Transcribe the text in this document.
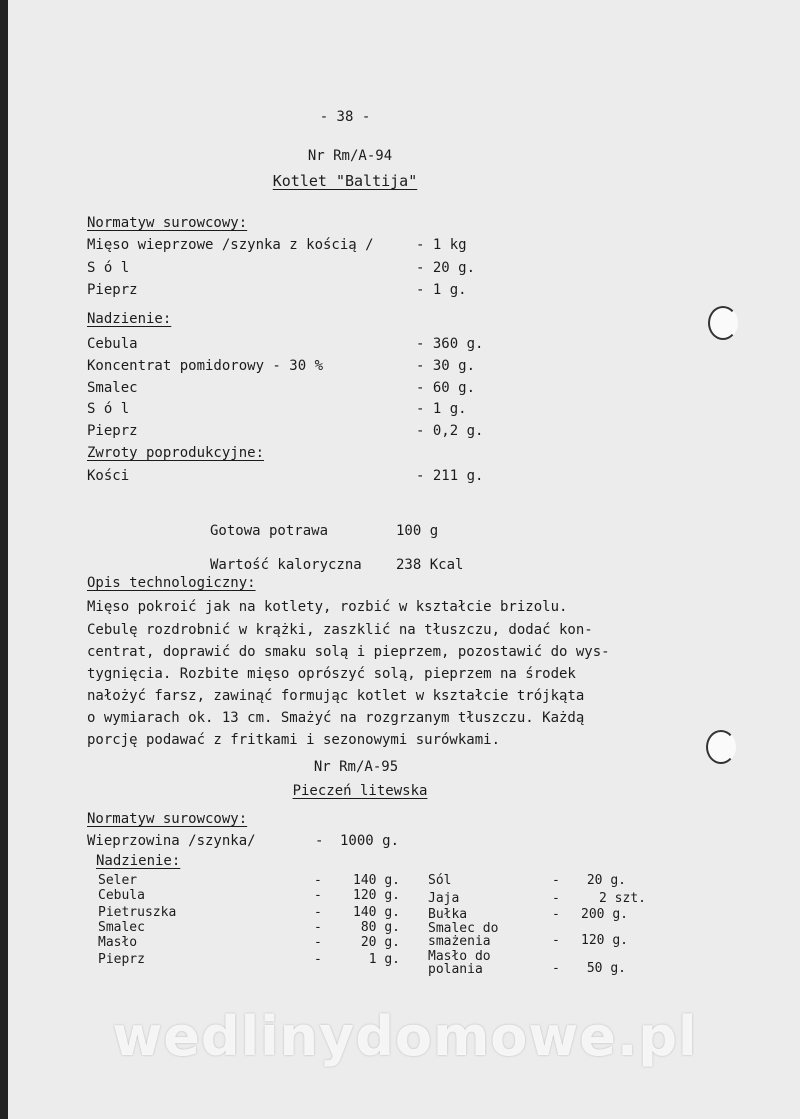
- 38 -
Nr Rm/A-94
Kotlet "Baltija"
Normatyw surowcowy:
Mięso wieprzowe /szynka z kością /	- 1 kg
S ó l	- 20 g.
Pieprz	- 1 g.
Nadzienie:
Cebula	- 360 g.
Koncentrat pomidorowy - 30 %	- 30 g.
Smalec	- 60 g.
S ó l	- 1 g.
Pieprz	- 0,2 g.
Zwroty poprodukcyjne:
Kości	- 211 g.
Gotowa potrawa	100 g
Wartość kaloryczna 238 Kcal
Opis technologiczny:
Mięso pokroić jak na kotlety, rozbić w kształcie brizolu.
Cebulę rozdrobnić w krążki, zaszklić na tłuszczu, dodać kon-
centrat, doprawić do smaku solą i pieprzem, pozostawić do wys-
tygnięcia. Rozbite mięso oprószyć solą, pieprzem na środek
nałożyć farsz, zawinąć formując kotlet w kształcie trójkąta
o wymiarach ok. 13 cm. Smażyć na rozgrzanym tłuszczu. Każdą
porcję podawać z fritkami i sezonowymi surówkami.
Nr Rm/A-95
Pieczeń litewska
Normatyw surowcowy:
Wieprzowina /szynka/	- 1000 g.
Nadzienie:
Seler	-	140 g.
Cebula	-	120 g.
Pietruszka	-	140 g.
Smalec	-	80 g.
Masło	-	20 g.
Pieprz	-	1 g.
Sól	-	20 g.
Jaja	-	2 szt.
Bułka	-	200 g.
Smalec do
smażenia	-	120 g.
Masło do
polania	-	50 g.
wedlinydomowe.pl
